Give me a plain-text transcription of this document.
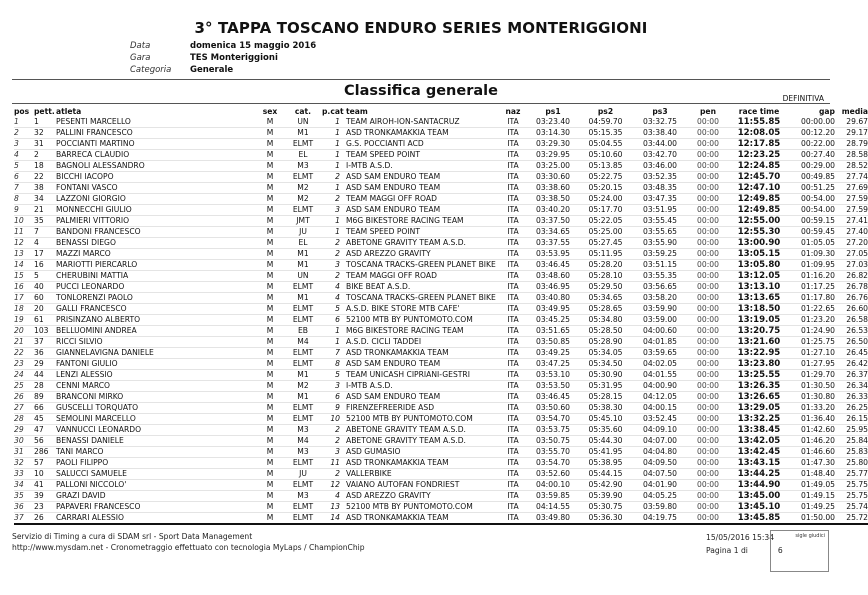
3° TAPPA TOSCANO ENDURO SERIES MONTERIGGIONI
Data	domenica 15 maggio 2016
Gara	TES Monteriggioni
Categoria	Generale
Classifica generale	DEFINITIVA
pos	pett.	atleta	sex	cat.	p.cat	team	naz	ps1	ps2	ps3	pen	race time	gap	media
1	1	PESENTI MARCELLO	M	UN	1	TEAM AIROH-ION-SANTACRUZ	ITA	03:23.40	04:59.70	03:32.75	00:00	11:55.85	00:00.00	29.67
2	32	PALLINI FRANCESCO	M	M1	1	ASD TRONKAMAKKIA TEAM	ITA	03:14.30	05:15.35	03:38.40	00:00	12:08.05	00:12.20	29.17
3	31	POCCIANTI MARTINO	M	ELMT	1	G.S. POCCIANTI ACD	ITA	03:29.30	05:04.55	03:44.00	00:00	12:17.85	00:22.00	28.79
4	2	BARRECA CLAUDIO	M	EL	1	TEAM SPEED POINT	ITA	03:29.95	05:10.60	03:42.70	00:00	12:23.25	00:27.40	28.58
5	18	BAGNOLI ALESSANDRO	M	M3	1	I-MTB A.S.D.	ITA	03:25.00	05:13.85	03:46.00	00:00	12:24.85	00:29.00	28.52
6	22	BICCHI IACOPO	M	ELMT	2	ASD SAM ENDURO TEAM	ITA	03:30.60	05:22.75	03:52.35	00:00	12:45.70	00:49.85	27.74
7	38	FONTANI VASCO	M	M2	1	ASD SAM ENDURO TEAM	ITA	03:38.60	05:20.15	03:48.35	00:00	12:47.10	00:51.25	27.69
8	34	LAZZONI GIORGIO	M	M2	2	TEAM MAGGI OFF ROAD	ITA	03:38.50	05:24.00	03:47.35	00:00	12:49.85	00:54.00	27.59
9	21	MONNECCHI GIULIO	M	ELMT	3	ASD SAM ENDURO TEAM	ITA	03:40.20	05:17.70	03:51.95	00:00	12:49.85	00:54.00	27.59
10	35	PALMIERI VITTORIO	M	JMT	1	M6G BIKESTORE RACING TEAM	ITA	03:37.50	05:22.05	03:55.45	00:00	12:55.00	00:59.15	27.41
11	7	BANDONI FRANCESCO	M	JU	1	TEAM SPEED POINT	ITA	03:34.65	05:25.00	03:55.65	00:00	12:55.30	00:59.45	27.40
12	4	BENASSI DIEGO	M	EL	2	ABETONE GRAVITY TEAM A.S.D.	ITA	03:37.55	05:27.45	03:55.90	00:00	13:00.90	01:05.05	27.20
13	17	MAZZI MARCO	M	M1	2	ASD AREZZO GRAVITY	ITA	03:53.95	05:11.95	03:59.25	00:00	13:05.15	01:09.30	27.05
14	16	MARIOTTI PIERCARLO	M	M1	3	TOSCANA TRACKS-GREEN PLANET BIKE	ITA	03:46.45	05:28.20	03:51.15	00:00	13:05.80	01:09.95	27.03
15	5	CHERUBINI MATTIA	M	UN	2	TEAM MAGGI OFF ROAD	ITA	03:48.60	05:28.10	03:55.35	00:00	13:12.05	01:16.20	26.82
16	40	PUCCI LEONARDO	M	ELMT	4	BIKE BEAT A.S.D.	ITA	03:46.95	05:29.50	03:56.65	00:00	13:13.10	01:17.25	26.78
17	60	TONLORENZI PAOLO	M	M1	4	TOSCANA TRACKS-GREEN PLANET BIKE	ITA	03:40.80	05:34.65	03:58.20	00:00	13:13.65	01:17.80	26.76
18	20	GALLI FRANCESCO	M	ELMT	5	A.S.D. BIKE STORE MTB CAFE'	ITA	03:49.95	05:28.65	03:59.90	00:00	13:18.50	01:22.65	26.60
19	61	PRISINZANO ALBERTO	M	ELMT	6	52100 MTB BY PUNTOMOTO.COM	ITA	03:45.25	05:34.80	03:59.00	00:00	13:19.05	01:23.20	26.58
20	103	BELLUOMINI ANDREA	M	EB	1	M6G BIKESTORE RACING TEAM	ITA	03:51.65	05:28.50	04:00.60	00:00	13:20.75	01:24.90	26.53
21	37	RICCI SILVIO	M	M4	1	A.S.D. CICLI TADDEI	ITA	03:50.85	05:28.90	04:01.85	00:00	13:21.60	01:25.75	26.50
22	36	GIANNELAVIGNA DANIELE	M	ELMT	7	ASD TRONKAMAKKIA TEAM	ITA	03:49.25	05:34.05	03:59.65	00:00	13:22.95	01:27.10	26.45
23	29	FANTONI GIULIO	M	ELMT	8	ASD SAM ENDURO TEAM	ITA	03:47.25	05:34.50	04:02.05	00:00	13:23.80	01:27.95	26.42
24	44	LENZI ALESSIO	M	M1	5	TEAM UNICASH CIPRIANI-GESTRI	ITA	03:53.10	05:30.90	04:01.55	00:00	13:25.55	01:29.70	26.37
25	28	CENNI MARCO	M	M2	3	I-MTB A.S.D.	ITA	03:53.50	05:31.95	04:00.90	00:00	13:26.35	01:30.50	26.34
26	89	BRANCONI MIRKO	M	M1	6	ASD SAM ENDURO TEAM	ITA	03:46.45	05:28.15	04:12.05	00:00	13:26.65	01:30.80	26.33
27	66	GUSCELLI TORQUATO	M	ELMT	9	FIRENZEFREERIDE ASD	ITA	03:50.60	05:38.30	04:00.15	00:00	13:29.05	01:33.20	26.25
28	45	SEMOLINI MARCELLO	M	ELMT	10	52100 MTB BY PUNTOMOTO.COM	ITA	03:54.70	05:45.10	03:52.45	00:00	13:32.25	01:36.40	26.15
29	47	VANNUCCI LEONARDO	M	M3	2	ABETONE GRAVITY TEAM A.S.D.	ITA	03:53.75	05:35.60	04:09.10	00:00	13:38.45	01:42.60	25.95
30	56	BENASSI DANIELE	M	M4	2	ABETONE GRAVITY TEAM A.S.D.	ITA	03:50.75	05:44.30	04:07.00	00:00	13:42.05	01:46.20	25.84
31	286	TANI MARCO	M	M3	3	ASD GUMASIO	ITA	03:55.70	05:41.95	04:04.80	00:00	13:42.45	01:46.60	25.83
32	57	PAOLI FILIPPO	M	ELMT	11	ASD TRONKAMAKKIA TEAM	ITA	03:54.70	05:38.95	04:09.50	00:00	13:43.15	01:47.30	25.80
33	10	SALUCCI SAMUELE	M	JU	2	VALLERBIKE	ITA	03:52.60	05:44.15	04:07.50	00:00	13:44.25	01:48.40	25.77
34	41	PALLONI NICCOLO'	M	ELMT	12	VAIANO AUTOFAN FONDRIEST	ITA	04:00.10	05:42.90	04:01.90	00:00	13:44.90	01:49.05	25.75
35	39	GRAZI DAVID	M	M3	4	ASD AREZZO GRAVITY	ITA	03:59.85	05:39.90	04:05.25	00:00	13:45.00	01:49.15	25.75
36	23	PAPAVERI FRANCESCO	M	ELMT	13	52100 MTB BY PUNTOMOTO.COM	ITA	04:14.55	05:30.75	03:59.80	00:00	13:45.10	01:49.25	25.74
37	26	CARRARI ALESSIO	M	ELMT	14	ASD TRONKAMAKKIA TEAM	ITA	03:49.80	05:36.30	04:19.75	00:00	13:45.85	01:50.00	25.72
Servizio di Timing a cura di SDAM srl - Sport Data Management
http://www.mysdam.net - Cronometraggio effettuato con tecnologia MyLaps / ChampionChip
15/05/2016 15:34
Pagina 1 di	6
sigle giudici
